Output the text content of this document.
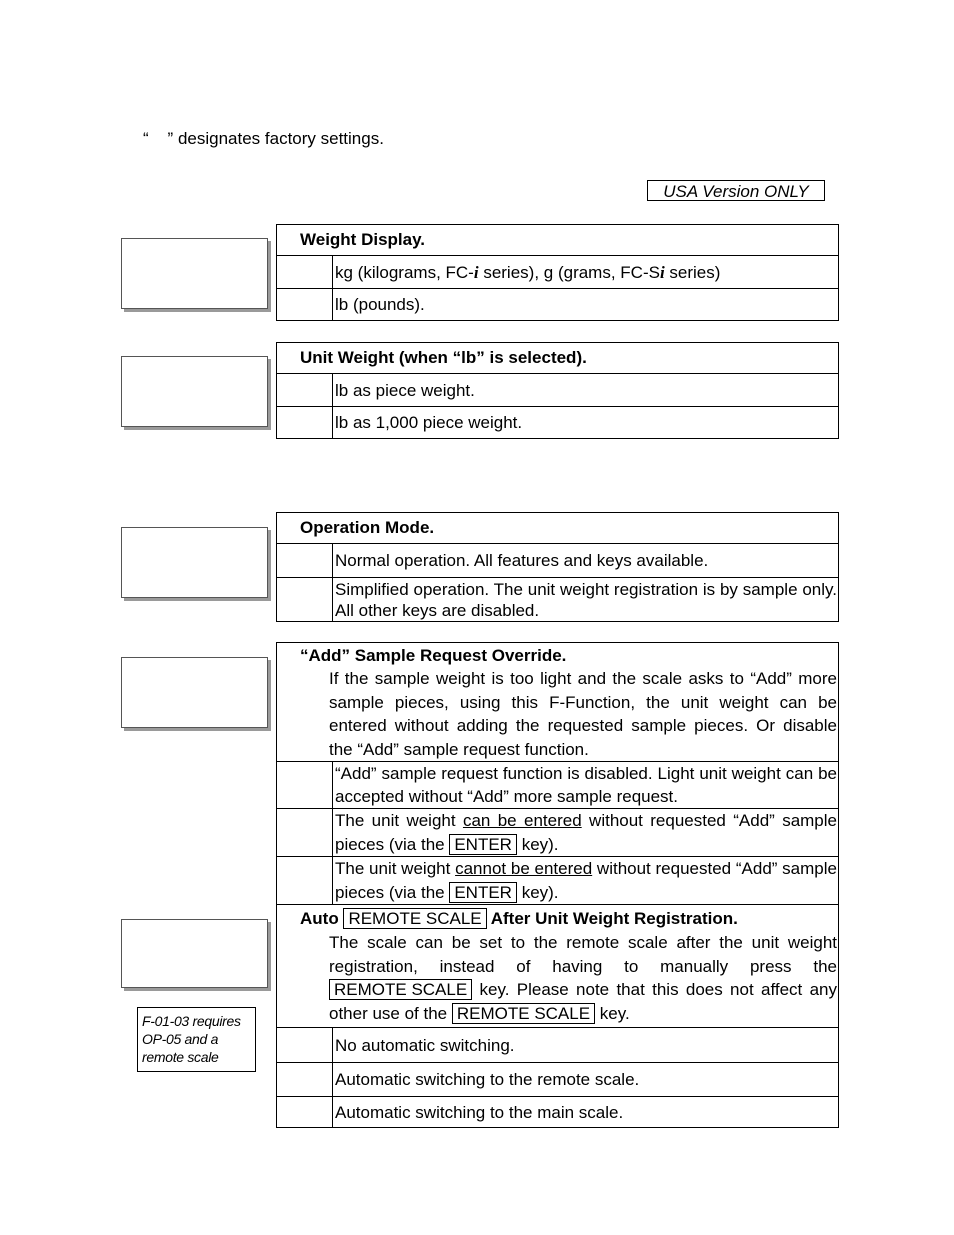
“    ” designates factory settings.
USA Version ONLY
F-01-03 requires OP-05 and a remote scale
Weight Display.
kg (kilograms, FC-i series), g (grams, FC-Si series)
lb (pounds).
Unit Weight (when “lb” is selected).
lb as piece weight.
lb as 1,000 piece weight.
Operation Mode.
Normal operation. All features and keys available.
Simplified operation. The unit weight registration is by sample only. All other keys are disabled.
“Add” Sample Request Override.
If the sample weight is too light and the scale asks to “Add” more sample pieces, using this F-Function, the unit weight can be entered without adding the requested sample pieces. Or disable the “Add” sample request function.
“Add” sample request function is disabled. Light unit weight can be accepted without “Add” more sample request.
The unit weight can be entered without requested “Add” sample pieces (via the ENTER key).
The unit weight cannot be entered without requested “Add” sample pieces (via the ENTER key).
Auto REMOTE SCALE After Unit Weight Registration.
The scale can be set to the remote scale after the unit weight registration, instead of having to manually press the REMOTE SCALE key. Please note that this does not affect any other use of the REMOTE SCALE key.
No automatic switching.
Automatic switching to the remote scale.
Automatic switching to the main scale.
